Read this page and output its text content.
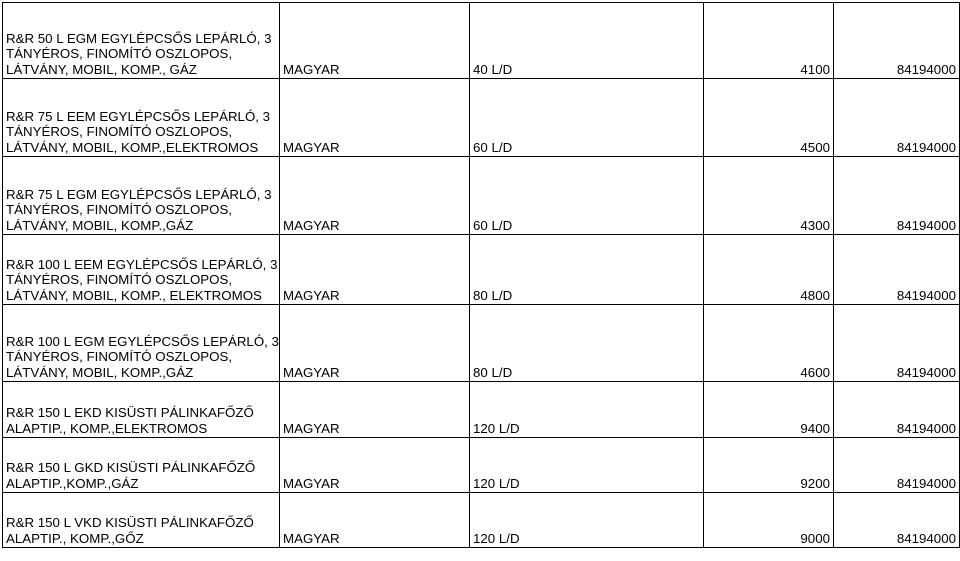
R&R 50 L EGM EGYLÉPCSŐS LEPÁRLÓ, 3
TÁNYÉROS, FINOMÍTÓ OSZLOPOS,
LÁTVÁNY, MOBIL, KOMP., GÁZ	MAGYAR	40 L/D	4100	84194000

R&R 75 L EEM EGYLÉPCSŐS LEPÁRLÓ, 3
TÁNYÉROS, FINOMÍTÓ OSZLOPOS,
LÁTVÁNY, MOBIL, KOMP.,ELEKTROMOS	MAGYAR	60 L/D	4500	84194000

R&R 75 L EGM EGYLÉPCSŐS LEPÁRLÓ, 3
TÁNYÉROS, FINOMÍTÓ OSZLOPOS,
LÁTVÁNY, MOBIL, KOMP.,GÁZ	MAGYAR	60 L/D	4300	84194000

R&R 100 L EEM EGYLÉPCSŐS LEPÁRLÓ, 3
TÁNYÉROS, FINOMÍTÓ OSZLOPOS,
LÁTVÁNY, MOBIL, KOMP., ELEKTROMOS	MAGYAR	80 L/D	4800	84194000

R&R 100 L EGM EGYLÉPCSŐS LEPÁRLÓ, 3
TÁNYÉROS, FINOMÍTÓ OSZLOPOS,
LÁTVÁNY, MOBIL, KOMP.,GÁZ	MAGYAR	80 L/D	4600	84194000

R&R 150 L EKD KISÜSTI PÁLINKAFŐZŐ
ALAPTIP., KOMP.,ELEKTROMOS	MAGYAR	120 L/D	9400	84194000

R&R 150 L GKD KISÜSTI PÁLINKAFŐZŐ
ALAPTIP.,KOMP.,GÁZ	MAGYAR	120 L/D	9200	84194000

R&R 150 L VKD KISÜSTI PÁLINKAFŐZŐ
ALAPTIP., KOMP.,GŐZ	MAGYAR	120 L/D	9000	84194000
